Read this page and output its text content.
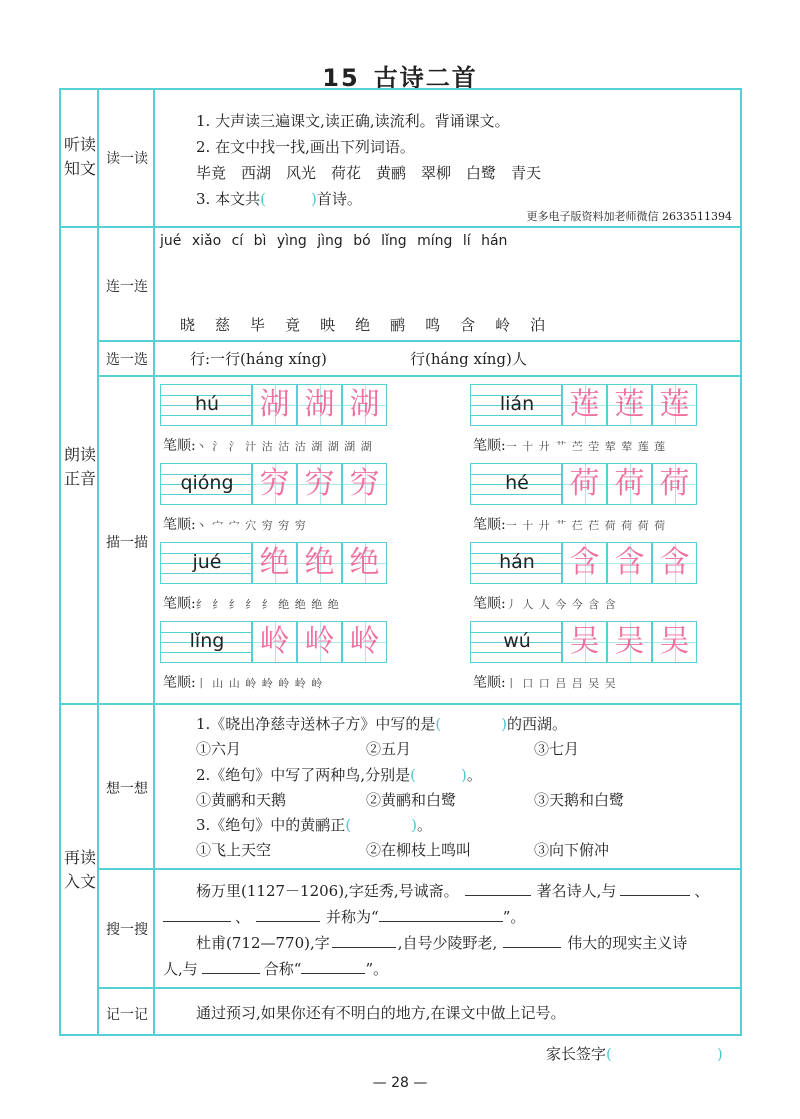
15 古诗二首
听读
知文 读一读
1. 大声读三遍课文,读正确,读流利。背诵课文。
2. 在文中找一找,画出下列词语。
毕竟　西湖　风光　荷花　黄鹂　翠柳　白鹭　青天
3. 本文共(　　　)首诗。
更多电子版资料加老师微信 2633511394
朗读
正音
连一连
jué xiǎo cí bì yìng jìng bó lǐng míng lí hán
晓 慈 毕 竟 映 绝 鹂 鸣 含 岭 泊
选一选	行:一行(háng xíng)	行(háng xíng)人
描一描
hú	湖 湖 湖
笔顺:丶 氵 氵 汁 沽 沽 沽 湖 湖 湖 湖
lián	莲 莲 莲
笔顺:一 十 廾 艹 苎 茔 荤 荤 莲 莲
qióng 穷 穷 穷
笔顺:丶 宀 宀 穴 穷 穷 穷
hé	荷 荷 荷
笔顺:一 十 廾 艹 芢 芢 荷 荷 荷 荷
jué	绝 绝 绝
笔顺:纟 纟 纟 纟 纟 绝 绝 绝 绝
hán	含 含 含
笔顺:丿 人 人 今 今 含 含
lǐng	岭 岭 岭
笔顺:丨 山 山 岭 岭 岭 岭 岭
wú	吴 吴 吴
笔顺:丨 口 口 吕 吕 吴 吴
再读
入文
想一想
1.《晓出净慈寺送林子方》中写的是(　　　　)的西湖。
①六月	②五月	③七月
2.《绝句》中写了两种鸟,分别是(　　　)。
①黄鹂和天鹅	②黄鹂和白鹭	③天鹅和白鹭
3.《绝句》中的黄鹂正(　　　　)。
①飞上天空	②在柳枝上鸣叫	③向下俯冲
搜一搜
杨万里(1127－1206),字廷秀,号诚斋。	著名诗人,与	、
、	并称为“	”。
杜甫(712—770),字	,自号少陵野老,	伟大的现实主义诗
人,与	合称“	”。
记一记	通过预习,如果你还有不明白的地方,在课文中做上记号。
家长签字(　　　　　　　)
— 28 —
